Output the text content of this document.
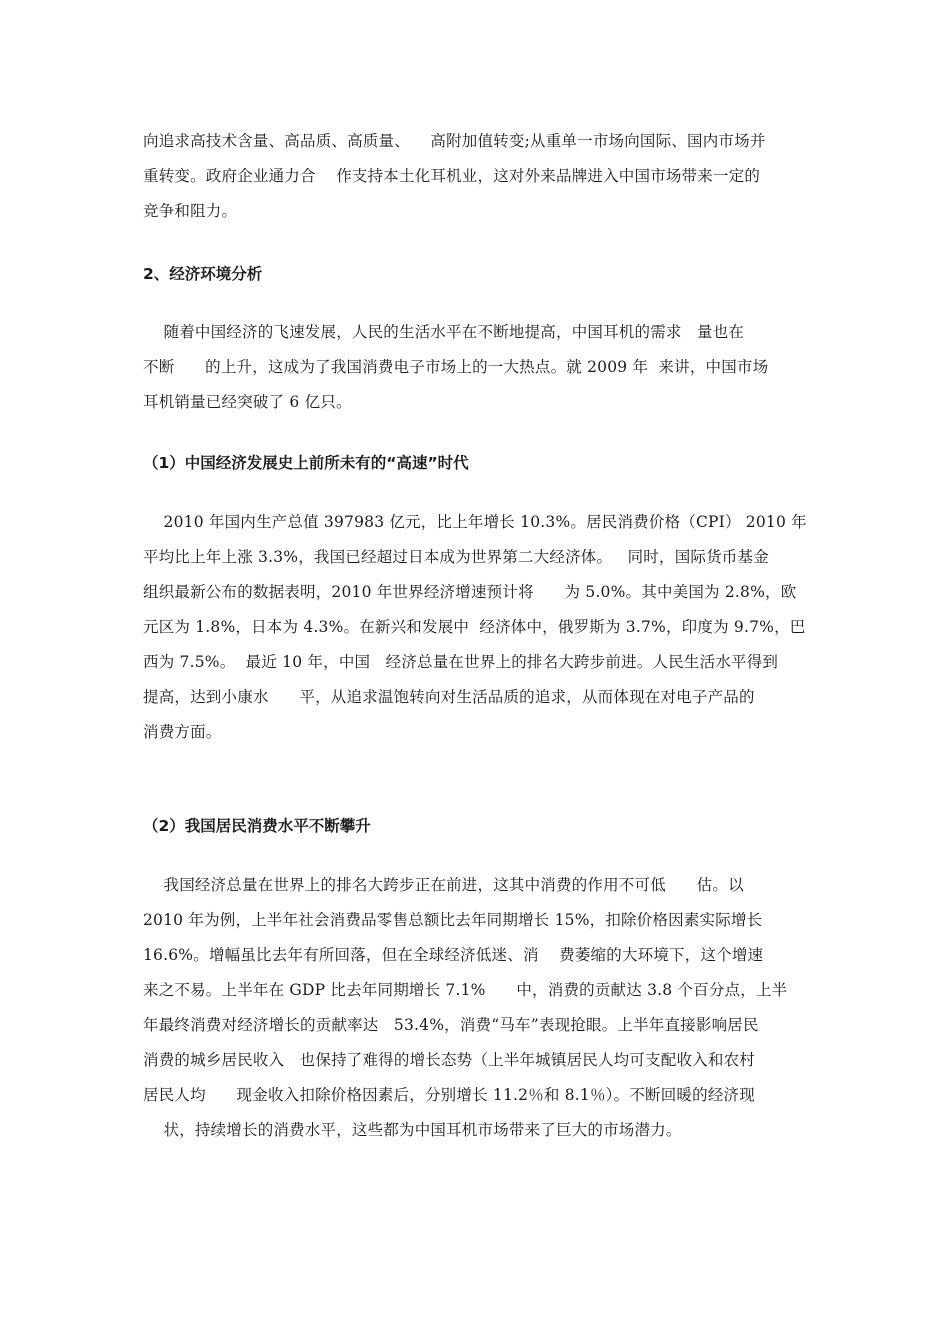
向追求高技术含量、高品质、高质量、    高附加值转变;从重单一市场向国际、国内市场并
重转变。政府企业通力合    作支持本土化耳机业，这对外来品牌进入中国市场带来一定的
竞争和阻力。
2、经济环境分析
随着中国经济的飞速发展，人民的生活水平在不断地提高，中国耳机的需求   量也在
不断      的上升，这成为了我国消费电子市场上的一大热点。就 2009 年  来讲，中国市场
耳机销量已经突破了 6 亿只。
（1）中国经济发展史上前所未有的“高速”时代
2010 年国内生产总值 397983 亿元，比上年增长 10.3%。居民消费价格（CPI） 2010 年
平均比上年上涨 3.3%，我国已经超过日本成为世界第二大经济体。   同时，国际货币基金
组织最新公布的数据表明，2010 年世界经济增速预计将      为 5.0%。其中美国为 2.8%，欧
元区为 1.8%，日本为 4.3%。在新兴和发展中  经济体中，俄罗斯为 3.7%，印度为 9.7%，巴
西为 7.5%。  最近 10 年，中国   经济总量在世界上的排名大跨步前进。人民生活水平得到
提高，达到小康水      平，从追求温饱转向对生活品质的追求，从而体现在对电子产品的
消费方面。
（2）我国居民消费水平不断攀升
我国经济总量在世界上的排名大跨步正在前进，这其中消费的作用不可低      估。以
2010 年为例，上半年社会消费品零售总额比去年同期增长 15%，扣除价格因素实际增长
16.6%。增幅虽比去年有所回落，但在全球经济低迷、消    费萎缩的大环境下，这个增速
来之不易。上半年在 GDP 比去年同期增长 7.1%      中，消费的贡献达 3.8 个百分点，上半
年最终消费对经济增长的贡献率达   53.4%，消费“马车”表现抢眼。上半年直接影响居民
消费的城乡居民收入   也保持了难得的增长态势（上半年城镇居民人均可支配收入和农村
居民人均      现金收入扣除价格因素后，分别增长 11.2％和 8.1％）。不断回暖的经济现
状，持续增长的消费水平，这些都为中国耳机市场带来了巨大的市场潜力。
